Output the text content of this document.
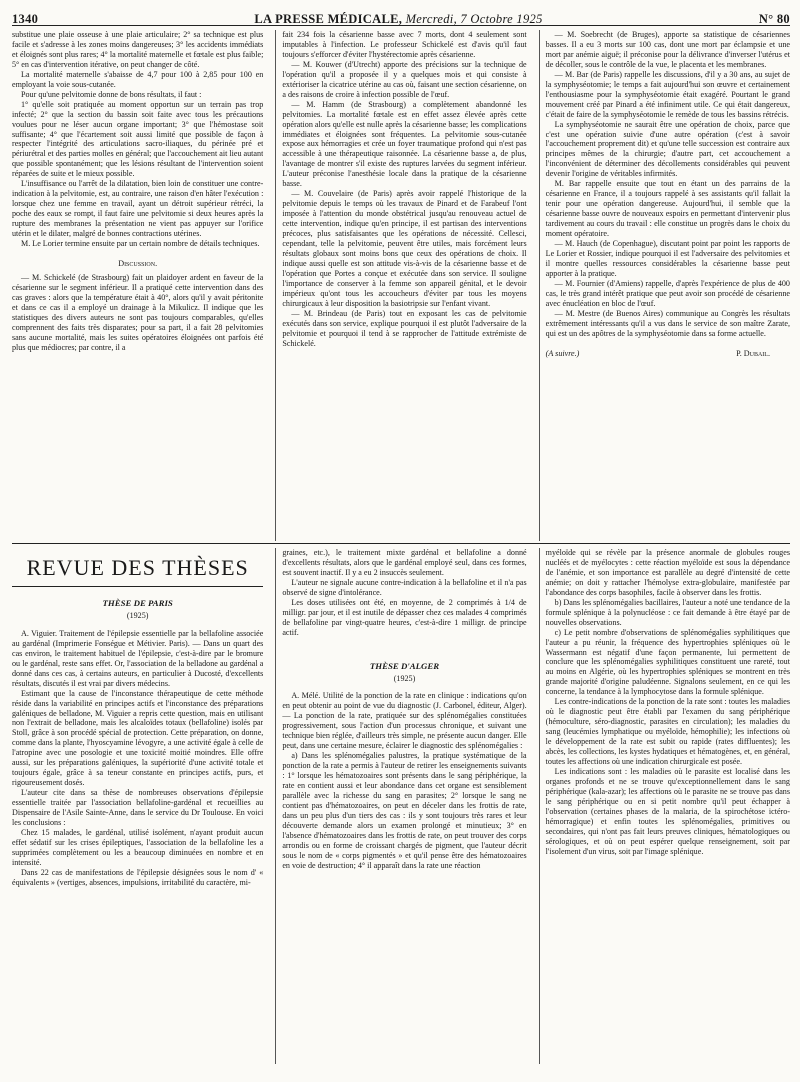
1340	LA PRESSE MÉDICALE, Mercredi, 7 Octobre 1925	N° 80

substitue une plaie osseuse à une plaie articulaire; 2° sa technique est plus facile et s'adresse à les zones moins dangereuses; 3° les accidents immédiats et éloignés sont plus rares; 4° la mortalité maternelle et fœtale est plus faible; 5° en cas d'intervention itérative, on peut changer de côté.

La mortalité maternelle s'abaisse de 4,7 pour 100 à 2,85 pour 100 en employant la voie sous-cutanée.

Pour qu'une pelvitomie donne de bons résultats, il faut :

1° qu'elle soit pratiquée au moment opportun sur un terrain pas trop infecté; 2° que la section du bassin soit faite avec tous les précautions voulues pour ne léser aucun organe important; 3° que l'hémostase soit suffisante; 4° que l'écartement soit aussi limité que possible de façon à respecter l'intégrité des articulations sacro-iliaques, du périnée pré et périurétral et des parties molles en général; que l'accouchement ait lieu autant que possible spontanément; que les lésions résultant de l'intervention soient réparées de suite et le mieux possible.

L'insuffisance ou l'arrêt de la dilatation, bien loin de constituer une contre-indication à la pelvitomie, est, au contraire, une raison d'en hâter l'exécution : lorsque chez une femme en travail, ayant un détroit supérieur rétréci, la poche des eaux se rompt, il faut faire une pelvitomie si deux heures après la rupture des membranes la présentation ne vient pas appuyer sur l'orifice utérin et le dilater, malgré de bonnes contractions utérines.

M. Le Lorier termine ensuite par un certain nombre de détails techniques.

Discussion.

— M. Schickelé (de Strasbourg) fait un plaidoyer ardent en faveur de la césarienne sur le segment inférieur. Il a pratiqué cette intervention dans des cas graves : alors que la température était à 40°, alors qu'il y avait péritonite et dans ce cas il a employé un drainage à la Mikulicz. Il indique que les statistiques des divers auteurs ne sont pas toujours comparables, qu'elles comprennent des faits très disparates; pour sa part, il a fait 28 pelvitomies sans aucune mortalité, mais les suites opératoires éloignées ont parfois été plus que médiocres; par contre, il a

fait 234 fois la césarienne basse avec 7 morts, dont 4 seulement sont imputables à l'infection. Le professeur Schickelé est d'avis qu'il faut toujours s'efforcer d'éviter l'hystérectomie après césarienne.

— M. Kouwer (d'Utrecht) apporte des précisions sur la technique de l'opération qu'il a proposée il y a quelques mois et qui consiste à extérioriser la cicatrice utérine au cas où, faisant une section césarienne, on a des raisons de croire à infection possible de l'œuf.

— M. Hamm (de Strasbourg) a complètement abandonné les pelvitomies. La mortalité fœtale est en effet assez élevée après cette opération alors qu'elle est nulle après la césarienne basse; les complications immédiates et éloignées sont fréquentes. La pelvitomie sous-cutanée expose aux hémorragies et crée un foyer traumatique profond qui n'est pas accessible à une thérapeutique raisonnée. La césarienne basse a, de plus, l'avantage de montrer s'il existe des ruptures larvées du segment inférieur. L'auteur préconise l'anesthésie locale dans la pratique de la césarienne basse.

— M. Couvelaire (de Paris) après avoir rappelé l'historique de la pelvitomie depuis le temps où les travaux de Pinard et de Farabeuf l'ont imposée à l'attention du monde obstétrical jusqu'au renouveau actuel de cette intervention, indique qu'en principe, il est partisan des interventions précoces, plus satisfaisantes que les opérations de nécessité. Cellesci, cependant, telle la pelvitomie, peuvent être utiles, mais forcément leurs résultats globaux sont moins bons que ceux des opérations de choix. Il indique aussi quelle est son attitude vis-à-vis de la césarienne basse et de l'opération que Portes a conçue et exécutée dans son service. Il souligne l'importance de conserver à la femme son appareil génital, et le devoir impérieux qu'ont tous les accoucheurs d'éviter par tous les moyens chirurgicaux à leur disposition la basiotripsie sur l'enfant vivant.

— M. Brindeau (de Paris) tout en exposant les cas de pelvitomie exécutés dans son service, explique pourquoi il est plutôt l'adversaire de la pelvitomie et pourquoi il tend à se rapprocher de l'attitude extrémiste de Schickelé.

— M. Soebrecht (de Bruges), apporte sa statistique de césariennes basses. Il a eu 3 morts sur 100 cas, dont une mort par éclampsie et une mort par anémie aiguë; il préconise pour la délivrance d'inverser l'utérus et de décoller, sous le contrôle de la vue, le placenta et les membranes.

— M. Bar (de Paris) rappelle les discussions, d'il y a 30 ans, au sujet de la symphyséotomie; le temps a fait aujourd'hui son œuvre et certainement l'enthousiasme pour la symphyséotomie était exagéré. Pourtant le grand mouvement créé par Pinard a été infiniment utile. Ce qui était dangereux, c'était de faire de la symphyséotomie le remède de tous les bassins rétrécis.

La symphyséotomie ne saurait être une opération de choix, parce que c'est une opération suivie d'une autre opération (c'est à savoir l'accouchement proprement dit) et qu'une telle succession est contraire aux principes mêmes de la chirurgie; d'autre part, cet accouchement a l'inconvénient de déterminer des décollements considérables qui peuvent devenir l'origine de véritables infirmités.

M. Bar rappelle ensuite que tout en étant un des parrains de la césarienne en France, il a toujours rappelé à ses assistants qu'il fallait la tenir pour une opération dangereuse. Aujourd'hui, il semble que la césarienne basse ouvre de nouveaux espoirs en permettant d'intervenir plus tardivement au cours du travail : elle constitue un progrès dans le choix du moment opératoire.

— M. Hauch (de Copenhague), discutant point par point les rapports de Le Lorier et Rossier, indique pourquoi il est l'adversaire des pelvitomies et il montre quelles ressources considérables la césarienne basse peut apporter à la pratique.

— M. Fournier (d'Amiens) rappelle, d'après l'expérience de plus de 400 cas, le très grand intérêt pratique que peut avoir son procédé de césarienne avec énucléation en bloc de l'œuf.

— M. Mestre (de Buenos Aires) communique au Congrès les résultats extrêmement intéressants qu'il a vus dans le service de son maître Zarate, qui est un des apôtres de la symphyséotomie dans sa forme actuelle.

(A suivre.)	P. Dubail.
REVUE DES THÈSES
THÈSE DE PARIS
(1925)

A. Viguier. Traitement de l'épilepsie essentielle par la bellafoline associée au gardénal (Imprimerie Fonségue et Métivier. Paris). — Dans un quart des cas environ, le traitement habituel de l'épilepsie, c'est-à-dire par le bromure ou le gardénal, reste sans effet. Or, l'association de la belladone au gardénal a donné dans ces cas, à certains auteurs, en particulier à Ducosté, d'excellents résultats, discutés il est vrai par divers médecins.

Estimant que la cause de l'inconstance thérapeutique de cette méthode réside dans la variabilité en principes actifs et l'inconstance des préparations galéniques de belladone, M. Viguier a repris cette question, mais en utilisant non l'extrait de belladone, mais les alcaloïdes totaux (bellafoline) isolés par Stoll, grâce à son procédé spécial de protection. Cette préparation, on donne, comme dans la plante, l'hyoscyamine lévogyre, a une activité égale à celle de l'atropine avec une posologie et une toxicité moitié moindres. Elle offre aussi, sur les préparations galéniques, la supériorité d'une activité totale et toujours égale, grâce à sa teneur constante en principes actifs, purs, et rigoureusement dosés.

L'auteur cite dans sa thèse de nombreuses observations d'épilepsie essentielle traitée par l'association bellafoline-gardénal et recueillies au Dispensaire de l'Asile Sainte-Anne, dans le service du Dr Toulouse. En voici les conclusions :

Chez 15 malades, le gardénal, utilisé isolément, n'ayant produit aucun effet sédatif sur les crises épileptiques, l'association de la bellafoline les a supprimées complètement ou les a beaucoup diminuées en nombre et en intensité.

Dans 22 cas de manifestations de l'épilepsie désignées sous le nom d' « équivalents » (vertiges, absences, impulsions, irritabilité du caractère, mi-

graines, etc.), le traitement mixte gardénal et bellafoline a donné d'excellents résultats, alors que le gardénal employé seul, dans ces formes, est souvent inactif. Il y a eu 2 insuccès seulement.

L'auteur ne signale aucune contre-indication à la bellafoline et il n'a pas observé de signe d'intolérance.

Les doses utilisées ont été, en moyenne, de 2 comprimés à 1/4 de milligr. par jour, et il est inutile de dépasser chez ces malades 4 comprimés de bellafoline par vingt-quatre heures, c'est-à-dire 1 milligr. de principe actif.

THÈSE D'ALGER
(1925)

A. Mélé. Utilité de la ponction de la rate en clinique : indications qu'on en peut obtenir au point de vue du diagnostic (J. Carbonel, éditeur, Alger). — La ponction de la rate, pratiquée sur des splénomégalies constituées progressivement, sous l'action d'un processus chronique, et suivant une technique bien réglée, d'ailleurs très simple, ne présente aucun danger. Elle peut, dans une certaine mesure, éclairer le diagnostic des splénomégalies :

a) Dans les splénomégalies palustres, la pratique systématique de la ponction de la rate a permis à l'auteur de retirer les enseignements suivants : 1° lorsque les hématozoaires sont présents dans le sang périphérique, la rate en contient aussi et leur abondance dans cet organe est sensiblement parallèle avec la richesse du sang en parasites; 2° lorsque le sang ne contient pas d'hématozoaires, on peut en déceler dans les frottis de rate, dans un peu plus d'un tiers des cas : ils y sont toujours très rares et leur découverte demande alors un examen prolongé et minutieux; 3° en l'absence d'hématozoaires dans les frottis de rate, on peut trouver des corps arrondis ou en forme de croissant chargés de pigment, que l'auteur décrit sous le nom de « corps pigmentés » et qu'il pense être des hématozoaires en voie de destruction; 4° il apparaît dans la rate une réaction

myéloïde qui se révèle par la présence anormale de globules rouges nucléés et de myélocytes : cette réaction myéloïde est sous la dépendance de l'anémie, et son importance est parallèle au degré d'intensité de cette anémie; on doit y rattacher l'hémolyse extra-globulaire, manifestée par l'abondance des corps basophiles, facile à observer dans les frottis.

b) Dans les splénomégalies bacillaires, l'auteur a noté une tendance de la formule splénique à la polynucléose : ce fait demande à être étayé par de nouvelles observations.

c) Le petit nombre d'observations de splénomégalies syphilitiques que l'auteur a pu réunir, la fréquence des hypertrophies spléniques où le Wassermann est négatif d'une façon permanente, lui permettent de conclure que les splénomégalies syphilitiques constituent une rareté, tout au moins en Algérie, où les hypertrophies spléniques se montrent en très grande majorité d'origine paludéenne. Signalons seulement, en ce qui les concerne, la tendance à la lymphocytose dans la formule splénique.

Les contre-indications de la ponction de la rate sont : toutes les maladies où le diagnostic peut être établi par l'examen du sang périphérique (hémoculture, séro-diagnostic, parasites en circulation); les maladies du sang (leucémies lymphatique ou myéloïde, hémophilie); les infections où le développement de la rate est subit ou rapide (rates diffluentes); les abcès, les collections, les kystes hydatiques et hématogènes, et, en général, toutes les affections où une indication chirurgicale est posée.

Les indications sont : les maladies où le parasite est localisé dans les organes profonds et ne se trouve qu'exceptionnellement dans le sang périphérique (kala-azar); les affections où le parasite ne se trouve pas dans le sang périphérique ou en si petit nombre qu'il peut échapper à l'observation (certaines phases de la malaria, de la spirochétose ictéro-hémorragique) et enfin toutes les splénomégalies, primitives ou secondaires, qui n'ont pas fait leurs preuves cliniques, hématologiques ou sérologiques, et où on peut espérer quelque renseignement, soit par l'isolement d'un virus, soit par l'image splénique.
